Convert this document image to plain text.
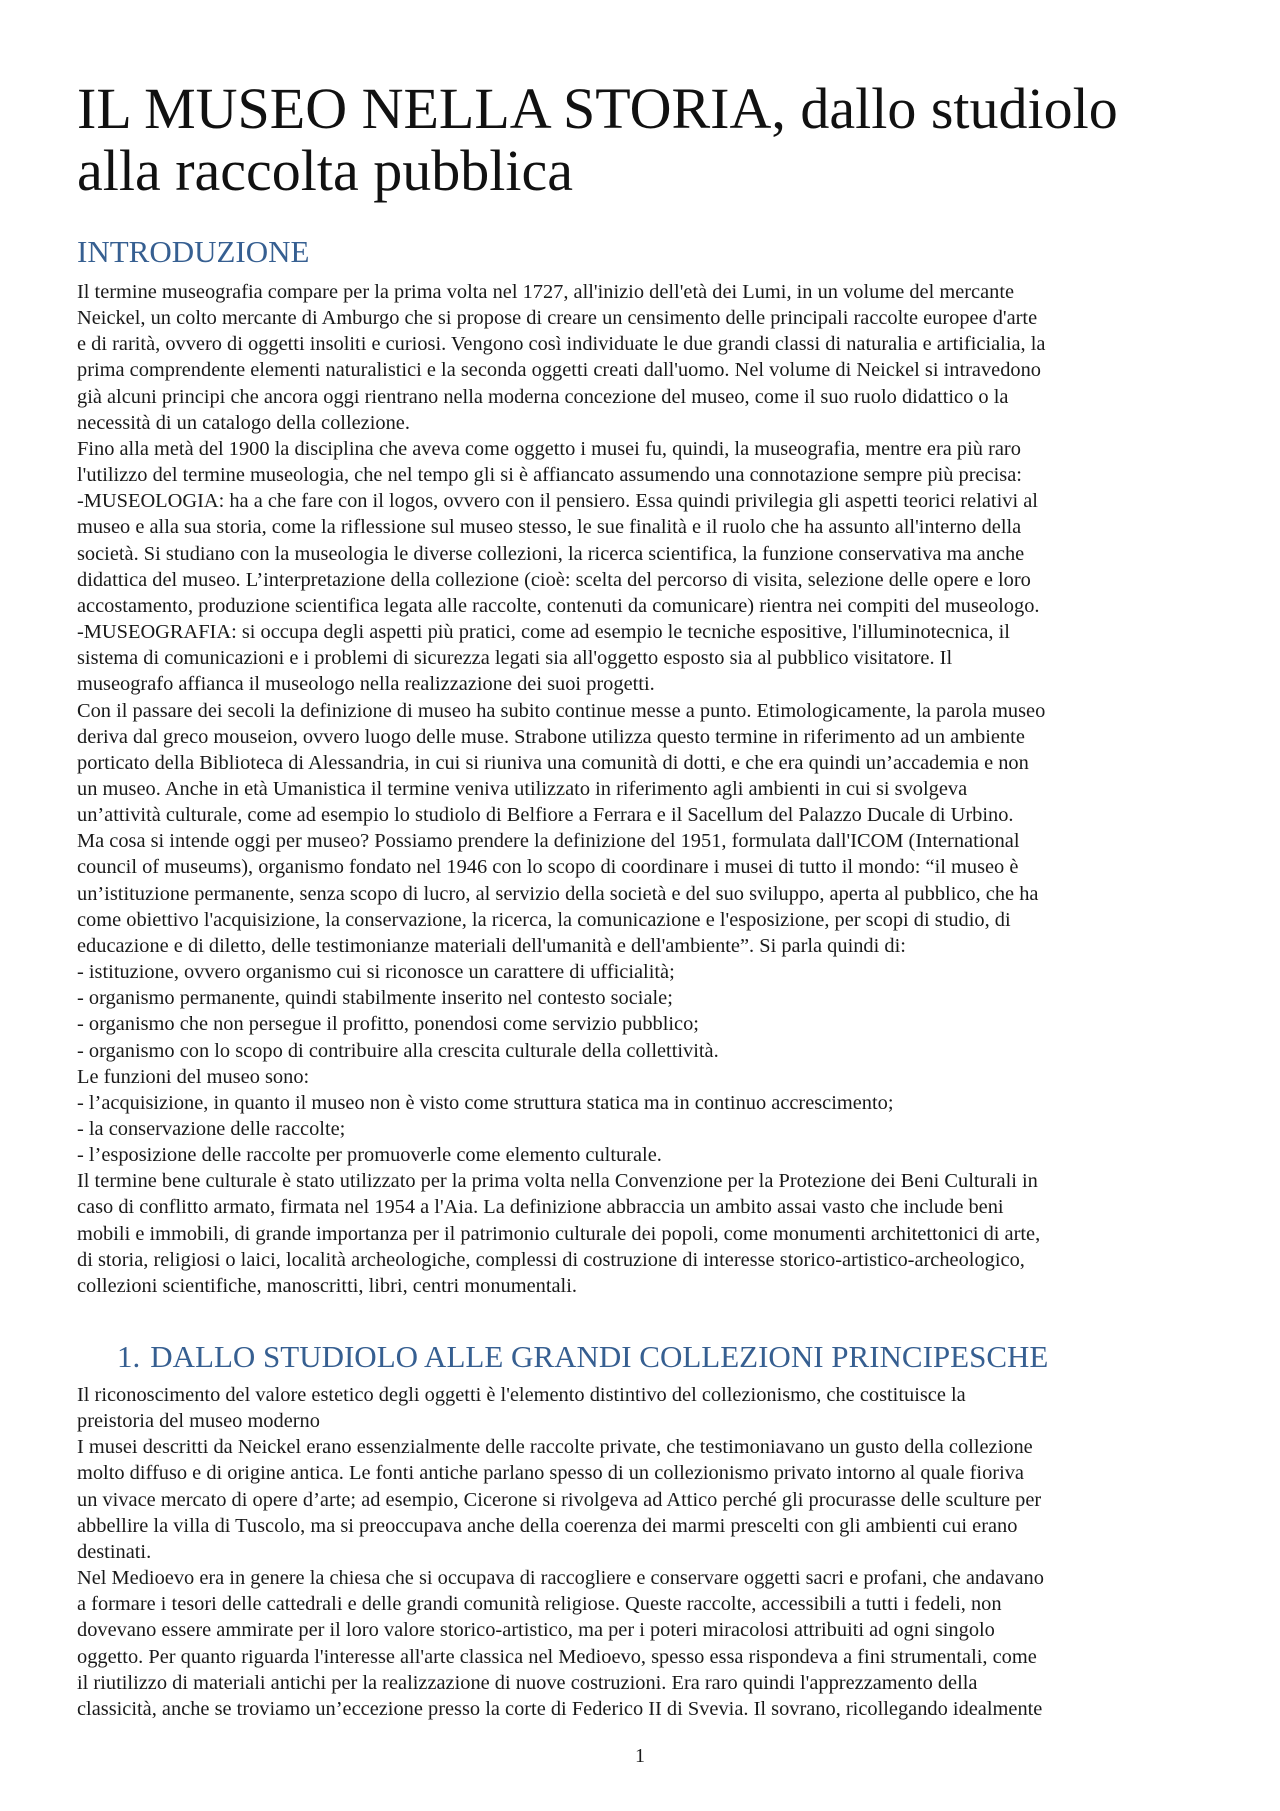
IL MUSEO NELLA STORIA, dallo studiolo
alla raccolta pubblica
INTRODUZIONE

Il termine museografia compare per la prima volta nel 1727, all'inizio dell'età dei Lumi, in un volume del mercante
Neickel, un colto mercante di Amburgo che si propose di creare un censimento delle principali raccolte europee d'arte
e di rarità, ovvero di oggetti insoliti e curiosi. Vengono così individuate le due grandi classi di naturalia e artificialia, la
prima comprendente elementi naturalistici e la seconda oggetti creati dall'uomo. Nel volume di Neickel si intravedono
già alcuni principi che ancora oggi rientrano nella moderna concezione del museo, come il suo ruolo didattico o la
necessità di un catalogo della collezione.

Fino alla metà del 1900 la disciplina che aveva come oggetto i musei fu, quindi, la museografia, mentre era più raro
l'utilizzo del termine museologia, che nel tempo gli si è affiancato assumendo una connotazione sempre più precisa:

-MUSEOLOGIA: ha a che fare con il logos, ovvero con il pensiero. Essa quindi privilegia gli aspetti teorici relativi al
museo e alla sua storia, come la riflessione sul museo stesso, le sue finalità e il ruolo che ha assunto all'interno della
società. Si studiano con la museologia le diverse collezioni, la ricerca scientifica, la funzione conservativa ma anche
didattica del museo. L’interpretazione della collezione (cioè: scelta del percorso di visita, selezione delle opere e loro
accostamento, produzione scientifica legata alle raccolte, contenuti da comunicare) rientra nei compiti del museologo.

-MUSEOGRAFIA: si occupa degli aspetti più pratici, come ad esempio le tecniche espositive, l'illuminotecnica, il
sistema di comunicazioni e i problemi di sicurezza legati sia all'oggetto esposto sia al pubblico visitatore. Il
museografo affianca il museologo nella realizzazione dei suoi progetti.

Con il passare dei secoli la definizione di museo ha subito continue messe a punto. Etimologicamente, la parola museo
deriva dal greco mouseion, ovvero luogo delle muse. Strabone utilizza questo termine in riferimento ad un ambiente
porticato della Biblioteca di Alessandria, in cui si riuniva una comunità di dotti, e che era quindi un’accademia e non
un museo. Anche in età Umanistica il termine veniva utilizzato in riferimento agli ambienti in cui si svolgeva
un’attività culturale, come ad esempio lo studiolo di Belfiore a Ferrara e il Sacellum del Palazzo Ducale di Urbino.

Ma cosa si intende oggi per museo? Possiamo prendere la definizione del 1951, formulata dall'ICOM (International
council of museums), organismo fondato nel 1946 con lo scopo di coordinare i musei di tutto il mondo: “il museo è
un’istituzione permanente, senza scopo di lucro, al servizio della società e del suo sviluppo, aperta al pubblico, che ha
come obiettivo l'acquisizione, la conservazione, la ricerca, la comunicazione e l'esposizione, per scopi di studio, di
educazione e di diletto, delle testimonianze materiali dell'umanità e dell'ambiente”. Si parla quindi di:

- istituzione, ovvero organismo cui si riconosce un carattere di ufficialità;

- organismo permanente, quindi stabilmente inserito nel contesto sociale;

- organismo che non persegue il profitto, ponendosi come servizio pubblico;

- organismo con lo scopo di contribuire alla crescita culturale della collettività.

Le funzioni del museo sono:

- l’acquisizione, in quanto il museo non è visto come struttura statica ma in continuo accrescimento;

- la conservazione delle raccolte;

- l’esposizione delle raccolte per promuoverle come elemento culturale.

Il termine bene culturale è stato utilizzato per la prima volta nella Convenzione per la Protezione dei Beni Culturali in
caso di conflitto armato, firmata nel 1954 a l'Aia. La definizione abbraccia un ambito assai vasto che include beni
mobili e immobili, di grande importanza per il patrimonio culturale dei popoli, come monumenti architettonici di arte,
di storia, religiosi o laici, località archeologiche, complessi di costruzione di interesse storico-artistico-archeologico,
collezioni scientifiche, manoscritti, libri, centri monumentali.

1. DALLO STUDIOLO ALLE GRANDI COLLEZIONI PRINCIPESCHE

Il riconoscimento del valore estetico degli oggetti è l'elemento distintivo del collezionismo, che costituisce la
preistoria del museo moderno

I musei descritti da Neickel erano essenzialmente delle raccolte private, che testimoniavano un gusto della collezione
molto diffuso e di origine antica. Le fonti antiche parlano spesso di un collezionismo privato intorno al quale fioriva
un vivace mercato di opere d’arte; ad esempio, Cicerone si rivolgeva ad Attico perché gli procurasse delle sculture per
abbellire la villa di Tuscolo, ma si preoccupava anche della coerenza dei marmi prescelti con gli ambienti cui erano
destinati.

Nel Medioevo era in genere la chiesa che si occupava di raccogliere e conservare oggetti sacri e profani, che andavano
a formare i tesori delle cattedrali e delle grandi comunità religiose. Queste raccolte, accessibili a tutti i fedeli, non
dovevano essere ammirate per il loro valore storico-artistico, ma per i poteri miracolosi attribuiti ad ogni singolo
oggetto. Per quanto riguarda l'interesse all'arte classica nel Medioevo, spesso essa rispondeva a fini strumentali, come
il riutilizzo di materiali antichi per la realizzazione di nuove costruzioni. Era raro quindi l'apprezzamento della
classicità, anche se troviamo un’eccezione presso la corte di Federico II di Svevia. Il sovrano, ricollegando idealmente

1
